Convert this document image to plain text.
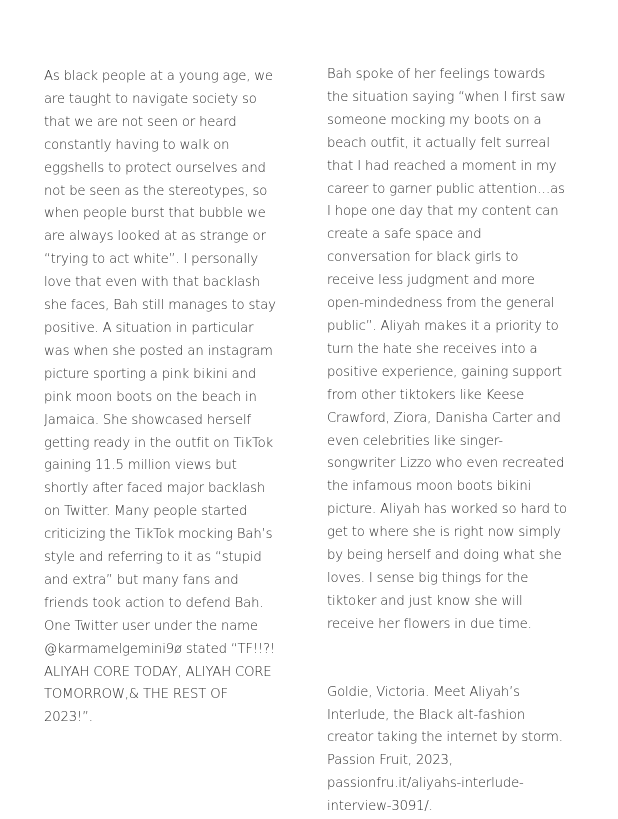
As black people at a young age, we are taught to navigate society so that we are not seen or heard constantly having to walk on eggshells to protect ourselves and not be seen as the stereotypes, so when people burst that bubble we are always looked at as strange or “trying to act white”. I personally love that even with that backlash she faces, Bah still manages to stay positive. A situation in particular was when she posted an instagram picture sporting a pink bikini and pink moon boots on the beach in Jamaica. She showcased herself getting ready in the outfit on TikTok gaining 11.5 million views but shortly after faced major backlash on Twitter. Many people started criticizing the TikTok mocking Bah’s style and referring to it as “stupid and extra” but many fans and friends took action to defend Bah. One Twitter user under the name @karmamelgemini9ø stated “TF!!?! ALIYAH CORE TODAY, ALIYAH CORE TOMORROW,& THE REST OF 2023!”.

Bah spoke of her feelings towards the situation saying “when I first saw someone mocking my boots on a beach outfit, it actually felt surreal that I had reached a moment in my career to garner public attention…as I hope one day that my content can create a safe space and conversation for black girls to receive less judgment and more open-mindedness from the general public”. Aliyah makes it a priority to turn the hate she receives into a positive experience, gaining support from other tiktokers like Keese Crawford, Ziora, Danisha Carter and even celebrities like singer-songwriter Lizzo who even recreated the infamous moon boots bikini picture. Aliyah has worked so hard to get to where she is right now simply by being herself and doing what she loves. I sense big things for the tiktoker and just know she will receive her flowers in due time.

Goldie, Victoria. Meet Aliyah’s Interlude, the Black alt-fashion creator taking the internet by storm. Passion Fruit, 2023, passionfru.it/aliyahs-interlude-interview-3091/.
